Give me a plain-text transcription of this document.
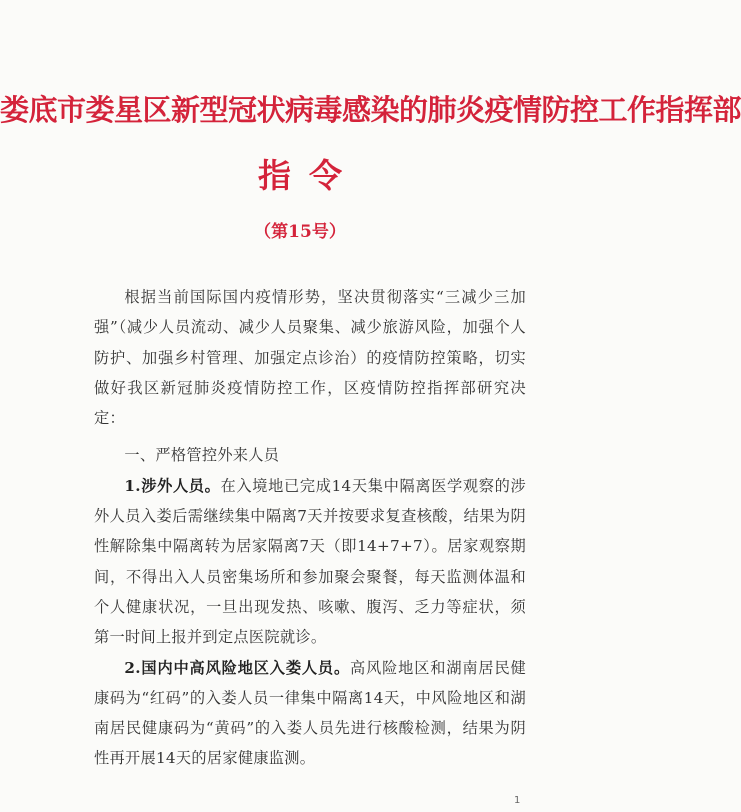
娄底市娄星区新型冠状病毒感染的肺炎疫情防控工作指挥部
指令
（第15号）

根据当前国际国内疫情形势，坚决贯彻落实“三减少三加强”（减少人员流动、减少人员聚集、减少旅游风险，加强个人防护、加强乡村管理、加强定点诊治）的疫情防控策略，切实做好我区新冠肺炎疫情防控工作，区疫情防控指挥部研究决定：

一、严格管控外来人员

1.涉外人员。在入境地已完成14天集中隔离医学观察的涉外人员入娄后需继续集中隔离7天并按要求复查核酸，结果为阴性解除集中隔离转为居家隔离7天（即14+7+7）。居家观察期间，不得出入人员密集场所和参加聚会聚餐，每天监测体温和个人健康状况，一旦出现发热、咳嗽、腹泻、乏力等症状，须第一时间上报并到定点医院就诊。

2.国内中高风险地区入娄人员。高风险地区和湖南居民健康码为“红码”的入娄人员一律集中隔离14天，中风险地区和湖南居民健康码为“黄码”的入娄人员先进行核酸检测，结果为阴性再开展14天的居家健康监测。

1
